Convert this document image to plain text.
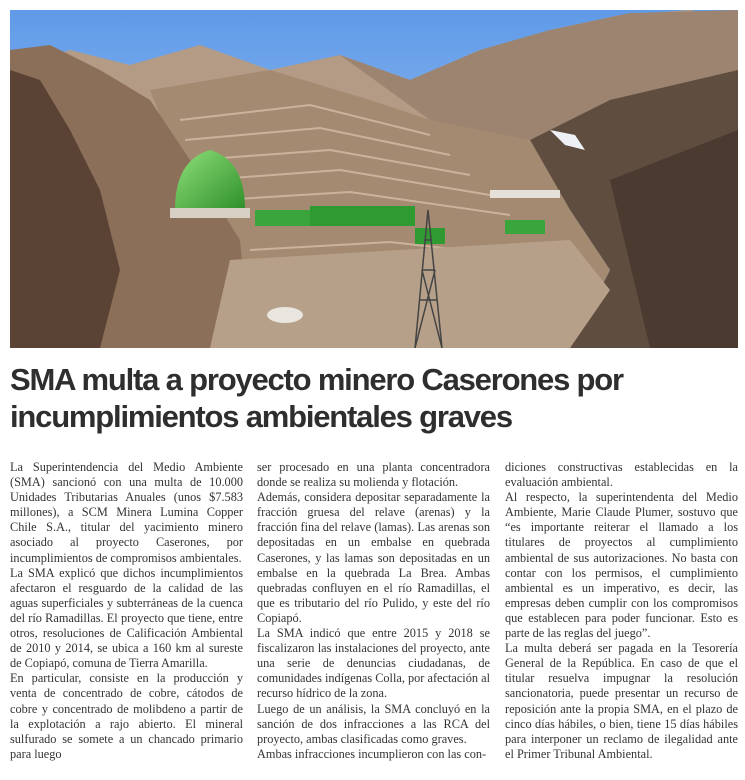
SMA multa a proyecto minero Caserones por
incumplimientos ambientales graves

La Superintendencia del Medio Ambiente (SMA) sancionó con una multa de 10.000 Unidades Tributarias Anuales (unos $7.583 millones), a SCM Minera Lumina Copper Chile S.A., titular del yacimiento minero asociado al proyecto Caserones, por incumplimientos de compromisos ambientales.

La SMA explicó que dichos incumplimientos afectaron el resguardo de la calidad de las aguas superficiales y subterráneas de la cuenca del río Ramadillas. El proyecto que tiene, entre otros, resoluciones de Calificación Ambiental de 2010 y 2014, se ubica a 160 km al sureste de Copiapó, comuna de Tierra Amarilla.

En particular, consiste en la producción y venta de concentrado de cobre, cátodos de cobre y concentrado de molibdeno a partir de la explotación a rajo abierto. El mineral sulfurado se somete a un chancado primario para luego

ser procesado en una planta concentradora donde se realiza su molienda y flotación.

Además, considera depositar separadamente la fracción gruesa del relave (arenas) y la fracción fina del relave (lamas). Las arenas son depositadas en un embalse en quebrada Caserones, y las lamas son depositadas en un embalse en la quebrada La Brea. Ambas quebradas confluyen en el río Ramadillas, el que es tributario del río Pulido, y este del río Copiapó.

La SMA indicó que entre 2015 y 2018 se fiscalizaron las instalaciones del proyecto, ante una serie de denuncias ciudadanas, de comunidades indígenas Colla, por afectación al recurso hídrico de la zona.

Luego de un análisis, la SMA concluyó en la sanción de dos infracciones a las RCA del proyecto, ambas clasificadas como graves.

Ambas infracciones incumplieron con las con-

diciones constructivas establecidas en la evaluación ambiental.

Al respecto, la superintendenta del Medio Ambiente, Marie Claude Plumer, sostuvo que “es importante reiterar el llamado a los titulares de proyectos al cumplimiento ambiental de sus autorizaciones. No basta con contar con los permisos, el cumplimiento ambiental es un imperativo, es decir, las empresas deben cumplir con los compromisos que establecen para poder funcionar. Esto es parte de las reglas del juego”.

La multa deberá ser pagada en la Tesorería General de la República. En caso de que el titular resuelva impugnar la resolución sancionatoria, puede presentar un recurso de reposición ante la propia SMA, en el plazo de cinco días hábiles, o bien, tiene 15 días hábiles para interponer un reclamo de ilegalidad ante el Primer Tribunal Ambiental.
